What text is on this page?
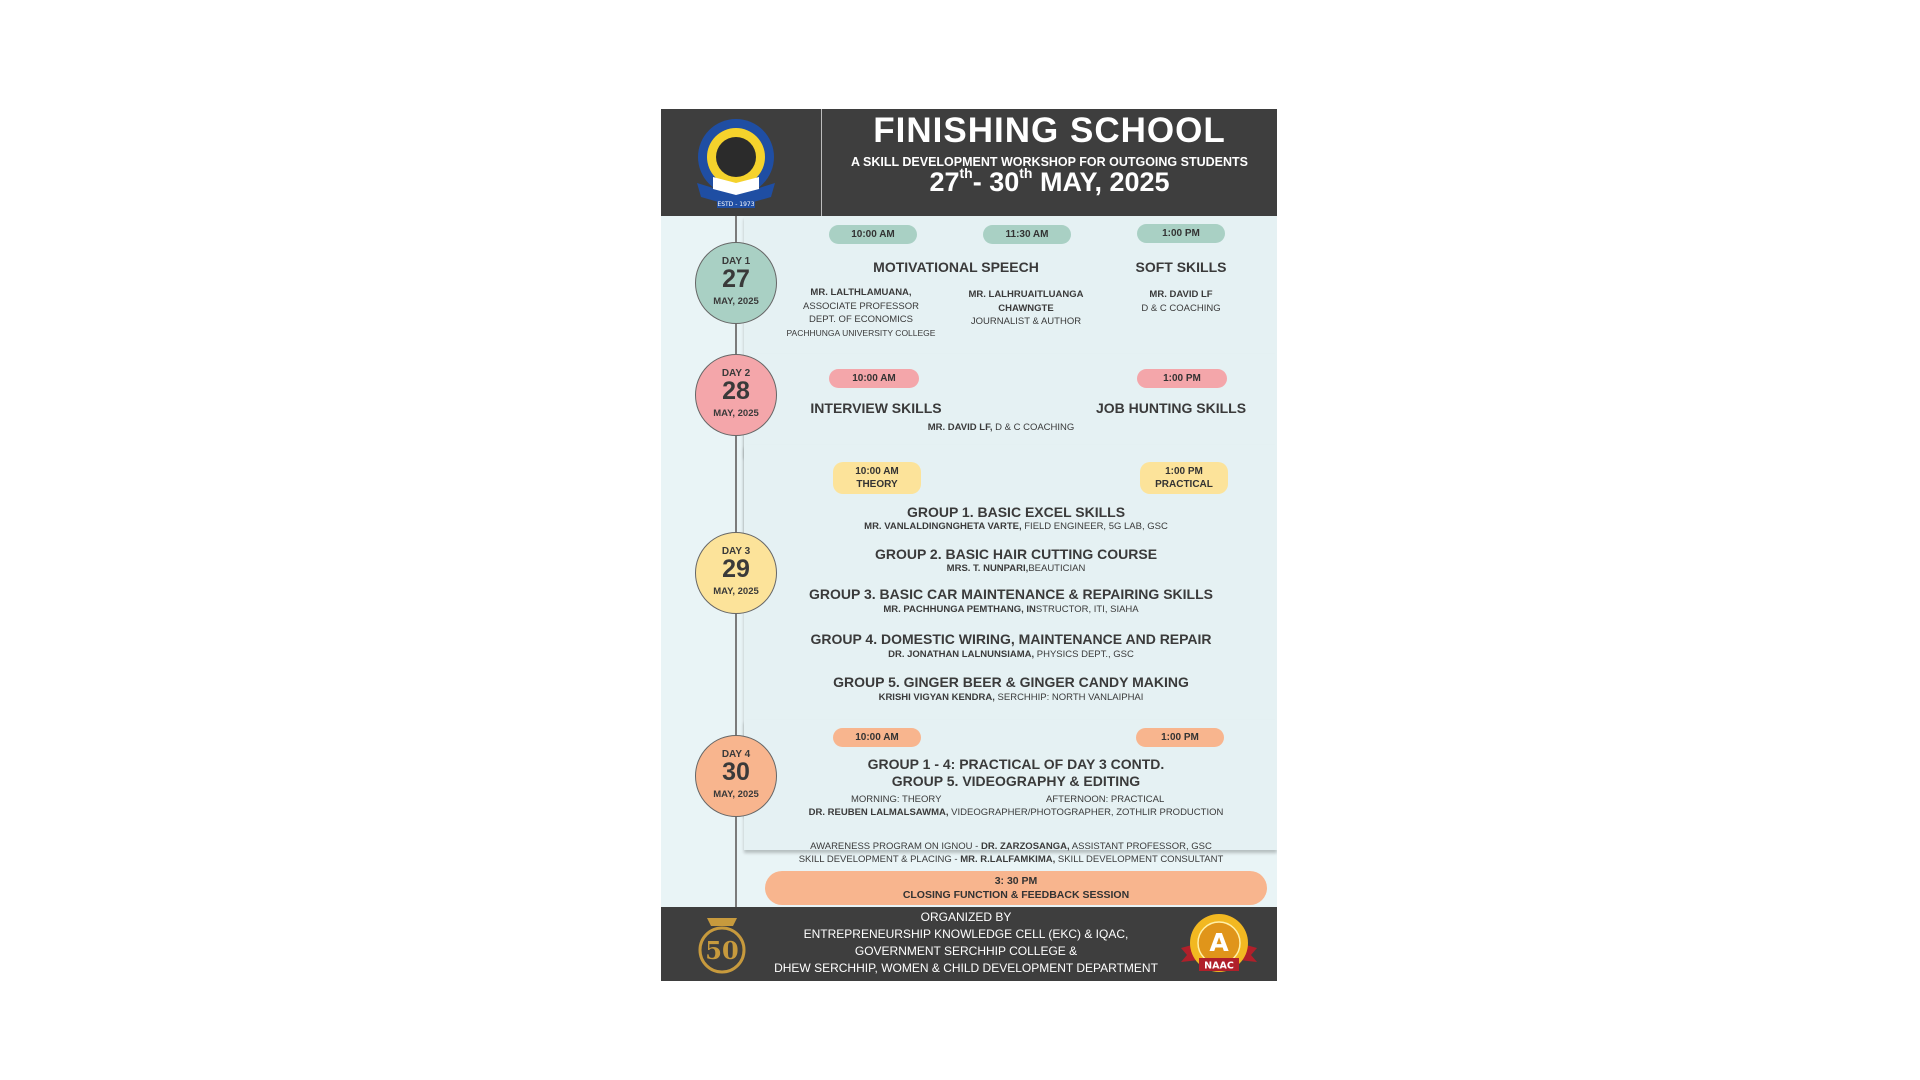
ESTD - 1973
FINISHING SCHOOL
A SKILL DEVELOPMENT WORKSHOP FOR OUTGOING STUDENTS
27th- 30th MAY, 2025
DAY 1
27
MAY, 2025
10:00 AM	11:30 AM	1:00 PM
MOTIVATIONAL SPEECH	SOFT SKILLS
MR. LALTHLAMUANA,
ASSOCIATE PROFESSOR
DEPT. OF ECONOMICS
PACHHUNGA UNIVERSITY COLLEGE
MR. LALHRUAITLUANGA
CHAWNGTE
JOURNALIST & AUTHOR
MR. DAVID LF
D & C COACHING
DAY 2
28
MAY, 2025
10:00 AM	1:00 PM
INTERVIEW SKILLS	JOB HUNTING SKILLS
MR. DAVID LF, D & C COACHING
DAY 3
29
MAY, 2025
10:00 AM
THEORY
1:00 PM
PRACTICAL
GROUP 1. BASIC EXCEL SKILLS
MR. VANLALDINGNGHETA VARTE, FIELD ENGINEER, 5G LAB, GSC
GROUP 2. BASIC HAIR CUTTING COURSE
MRS. T. NUNPARI,BEAUTICIAN
GROUP 3. BASIC CAR MAINTENANCE & REPAIRING SKILLS
MR. PACHHUNGA PEMTHANG, INSTRUCTOR, ITI, SIAHA
GROUP 4. DOMESTIC WIRING, MAINTENANCE AND REPAIR
DR. JONATHAN LALNUNSIAMA, PHYSICS DEPT., GSC
GROUP 5. GINGER BEER & GINGER CANDY MAKING
KRISHI VIGYAN KENDRA, SERCHHIP: NORTH VANLAIPHAI
DAY 4
30
MAY, 2025
10:00 AM	1:00 PM
GROUP 1 - 4: PRACTICAL OF DAY 3 CONTD.
GROUP 5. VIDEOGRAPHY & EDITING
MORNING: THEORY	AFTERNOON: PRACTICAL
DR. REUBEN LALMALSAWMA, VIDEOGRAPHER/PHOTOGRAPHER, ZOTHLIR PRODUCTION
AWARENESS PROGRAM ON IGNOU - DR. ZARZOSANGA, ASSISTANT PROFESSOR, GSC
SKILL DEVELOPMENT & PLACING - MR. R.LALFAMKIMA, SKILL DEVELOPMENT CONSULTANT
3: 30 PM
CLOSING FUNCTION & FEEDBACK SESSION
50
ORGANIZED BY
ENTREPRENEURSHIP KNOWLEDGE CELL (EKC) & IQAC,
GOVERNMENT SERCHHIP COLLEGE &
DHEW SERCHHIP, WOMEN & CHILD DEVELOPMENT DEPARTMENT
A
NAAC
